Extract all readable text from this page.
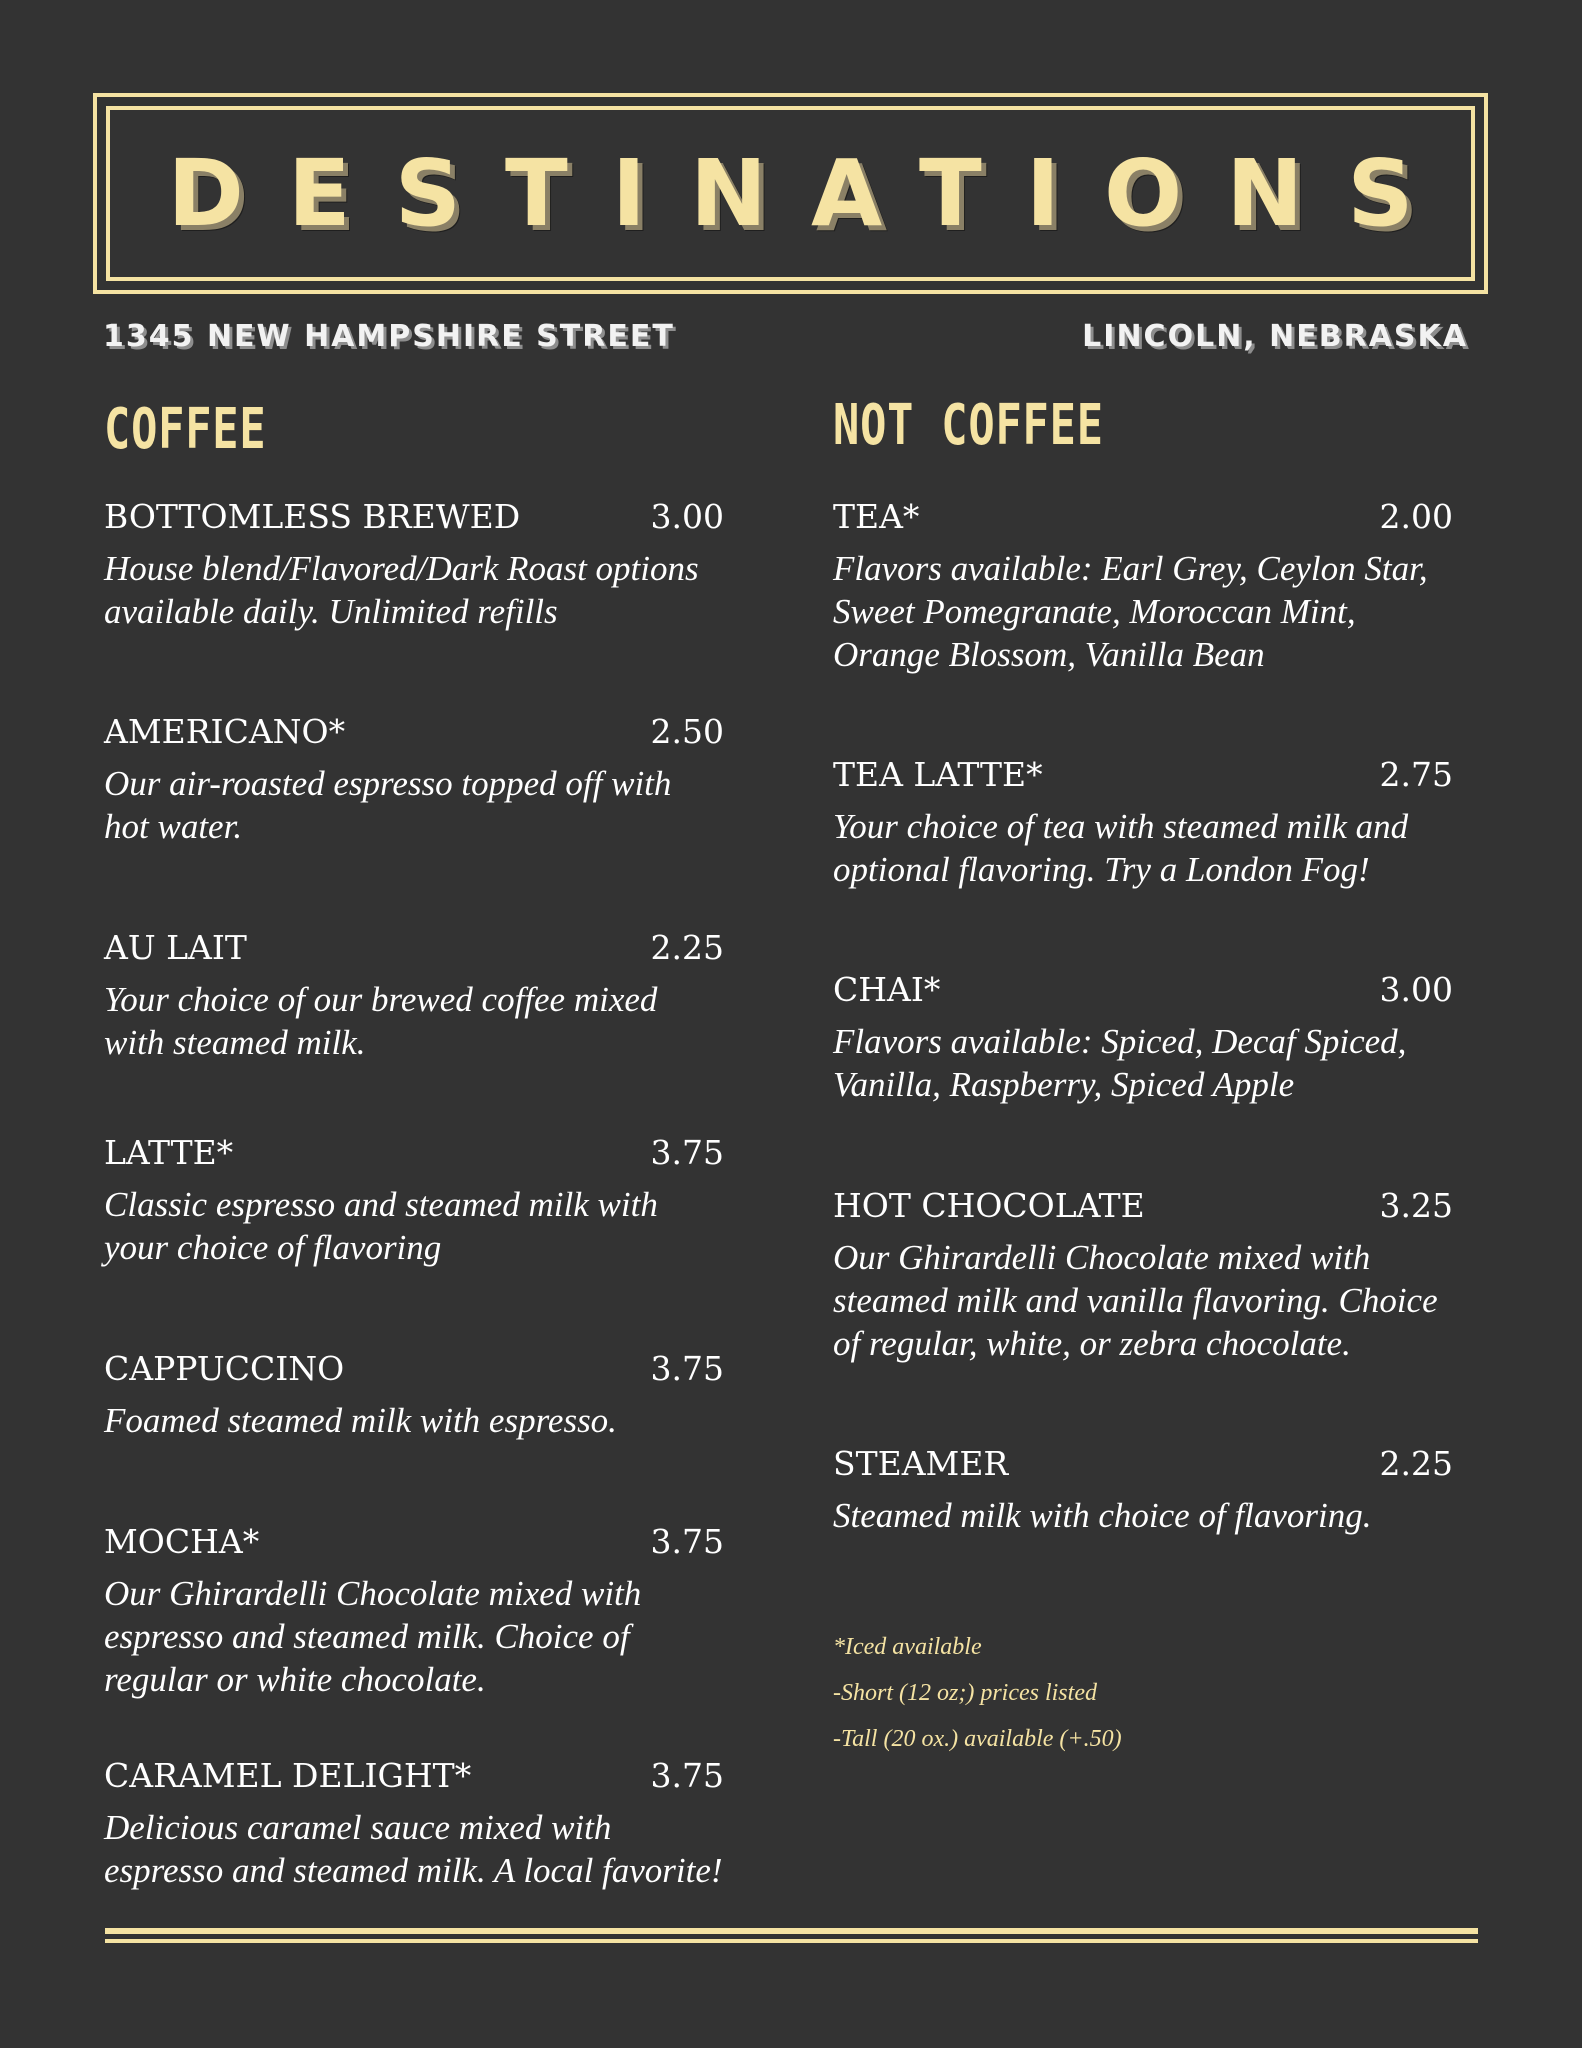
DESTINATIONS
1345 NEW HAMPSHIRE STREET	LINCOLN, NEBRASKA
COFFEE
BOTTOMLESS BREWED	3.00
House blend/Flavored/Dark Roast options available daily. Unlimited refills
AMERICANO*	2.50
Our air-roasted espresso topped off with hot water.
AU LAIT	2.25
Your choice of our brewed coffee mixed with steamed milk.
LATTE*	3.75
Classic espresso and steamed milk with your choice of flavoring
CAPPUCCINO	3.75
Foamed steamed milk with espresso.
MOCHA*	3.75
Our Ghirardelli Chocolate mixed with espresso and steamed milk. Choice of regular or white chocolate.
CARAMEL DELIGHT*	3.75
Delicious caramel sauce mixed with espresso and steamed milk. A local favorite!
NOT COFFEE
TEA*	2.00
Flavors available: Earl Grey, Ceylon Star, Sweet Pomegranate, Moroccan Mint, Orange Blossom, Vanilla Bean
TEA LATTE*	2.75
Your choice of tea with steamed milk and optional flavoring. Try a London Fog!
CHAI*	3.00
Flavors available: Spiced, Decaf Spiced, Vanilla, Raspberry, Spiced Apple
HOT CHOCOLATE	3.25
Our Ghirardelli Chocolate mixed with steamed milk and vanilla flavoring. Choice of regular, white, or zebra chocolate.
STEAMER	2.25
Steamed milk with choice of flavoring.
*Iced available
-Short (12 oz;) prices listed
-Tall (20 ox.) available (+.50)
